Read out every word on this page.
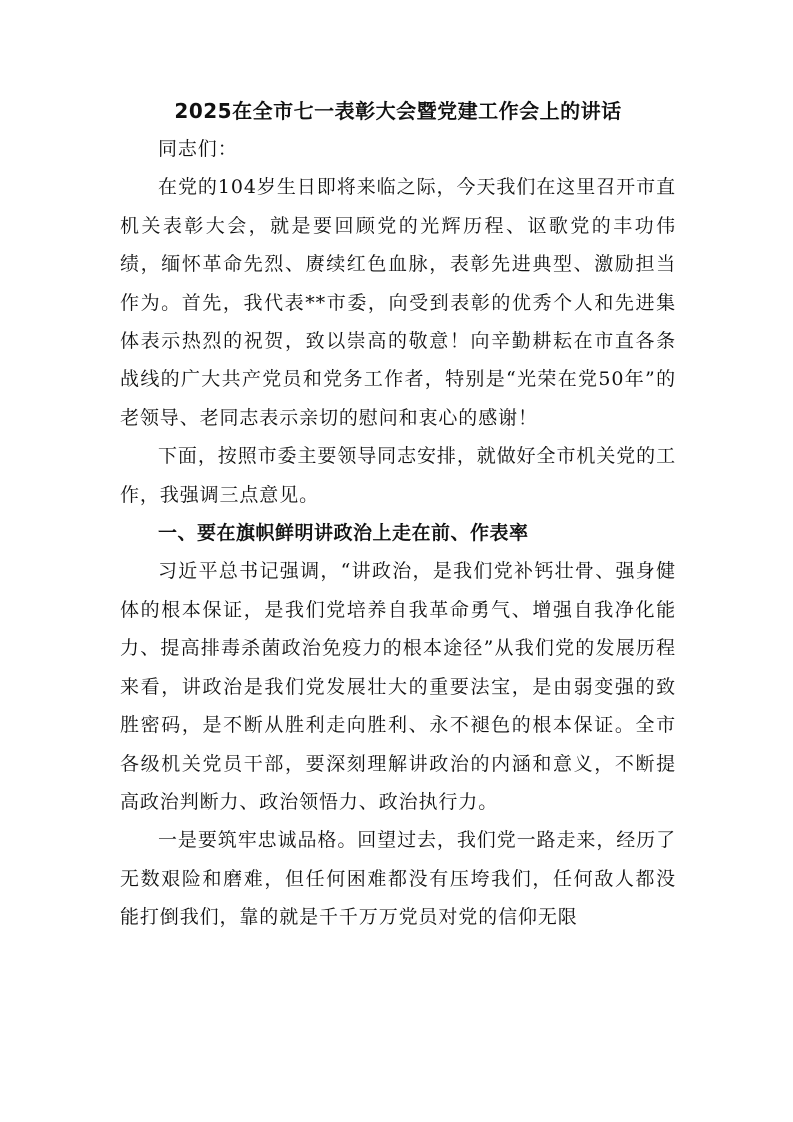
2025在全市七一表彰大会暨党建工作会上的讲话

同志们：

在党的104岁生日即将来临之际，今天我们在这里召开市直机关表彰大会，就是要回顾党的光辉历程、讴歌党的丰功伟绩，缅怀革命先烈、赓续红色血脉，表彰先进典型、激励担当作为。首先，我代表**市委，向受到表彰的优秀个人和先进集体表示热烈的祝贺，致以崇高的敬意！向辛勤耕耘在市直各条战线的广大共产党员和党务工作者，特别是“光荣在党50年”的老领导、老同志表示亲切的慰问和衷心的感谢！

下面，按照市委主要领导同志安排，就做好全市机关党的工作，我强调三点意见。

一、要在旗帜鲜明讲政治上走在前、作表率

习近平总书记强调，“讲政治，是我们党补钙壮骨、强身健体的根本保证，是我们党培养自我革命勇气、增强自我净化能力、提高排毒杀菌政治免疫力的根本途径”从我们党的发展历程来看，讲政治是我们党发展壮大的重要法宝，是由弱变强的致胜密码，是不断从胜利走向胜利、永不褪色的根本保证。全市各级机关党员干部，要深刻理解讲政治的内涵和意义，不断提高政治判断力、政治领悟力、政治执行力。

一是要筑牢忠诚品格。回望过去，我们党一路走来，经历了无数艰险和磨难，但任何困难都没有压垮我们，任何敌人都没能打倒我们，靠的就是千千万万党员对党的信仰无限
